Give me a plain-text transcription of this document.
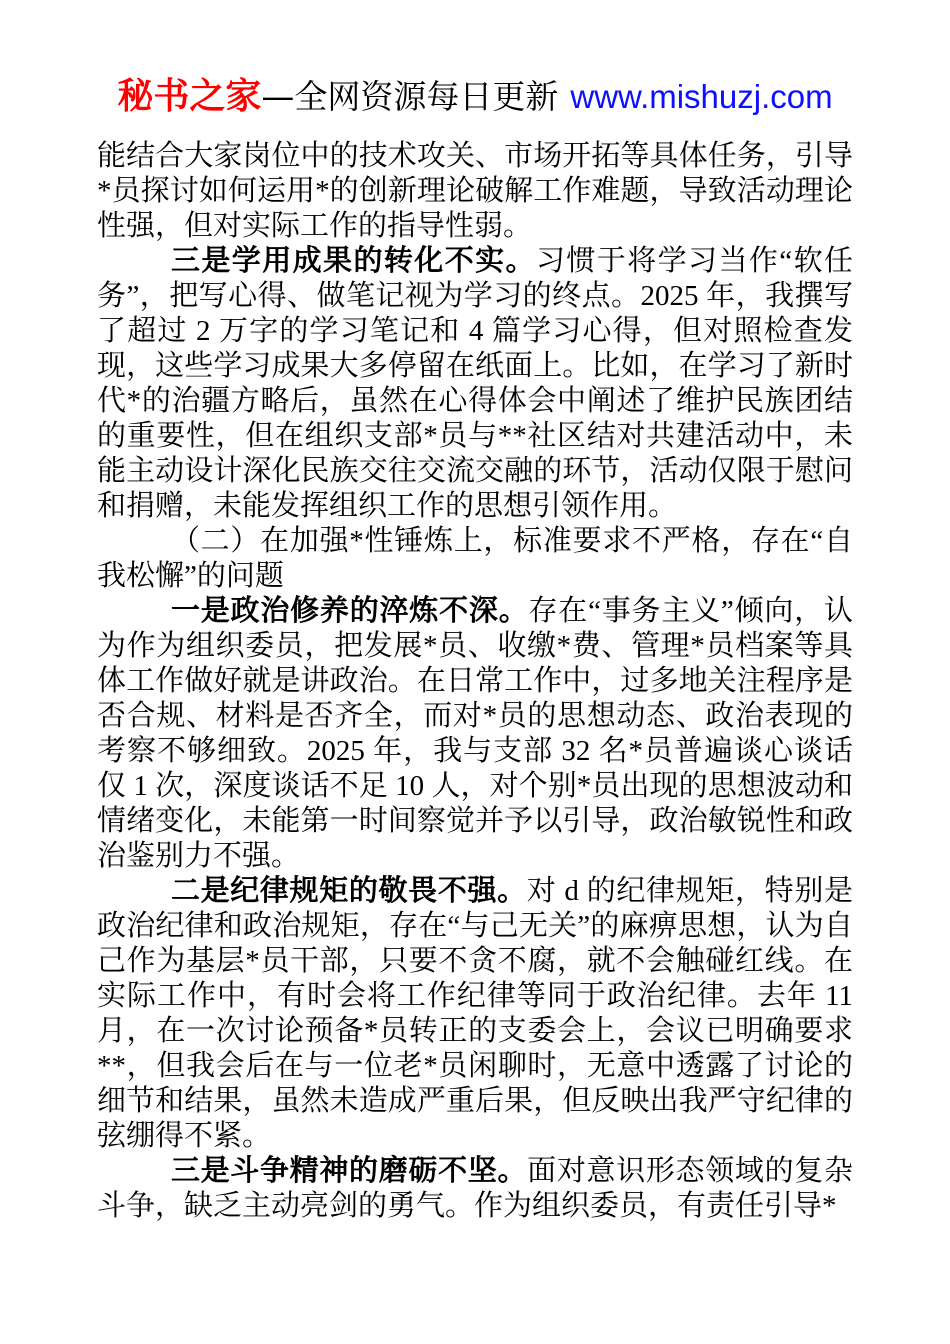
秘书之家—全网资源每日更新 www.mishuzj.com

能结合大家岗位中的技术攻关、市场开拓等具体任务，引导*员探讨如何运用*的创新理论破解工作难题，导致活动理论性强，但对实际工作的指导性弱。

三是学用成果的转化不实。习惯于将学习当作“软任务”，把写心得、做笔记视为学习的终点。2025 年，我撰写了超过 2 万字的学习笔记和 4 篇学习心得，但对照检查发现，这些学习成果大多停留在纸面上。比如，在学习了新时代*的治疆方略后，虽然在心得体会中阐述了维护民族团结的重要性，但在组织支部*员与**社区结对共建活动中，未能主动设计深化民族交往交流交融的环节，活动仅限于慰问和捐赠，未能发挥组织工作的思想引领作用。

（二）在加强*性锤炼上，标准要求不严格，存在“自我松懈”的问题

一是政治修养的淬炼不深。存在“事务主义”倾向，认为作为组织委员，把发展*员、收缴*费、管理*员档案等具体工作做好就是讲政治。在日常工作中，过多地关注程序是否合规、材料是否齐全，而对*员的思想动态、政治表现的考察不够细致。2025 年，我与支部 32 名*员普遍谈心谈话仅 1 次，深度谈话不足 10 人，对个别*员出现的思想波动和情绪变化，未能第一时间察觉并予以引导，政治敏锐性和政治鉴别力不强。

二是纪律规矩的敬畏不强。对 d 的纪律规矩，特别是政治纪律和政治规矩，存在“与己无关”的麻痹思想，认为自己作为基层*员干部，只要不贪不腐，就不会触碰红线。在实际工作中，有时会将工作纪律等同于政治纪律。去年 11 月，在一次讨论预备*员转正的支委会上，会议已明确要求**，但我会后在与一位老*员闲聊时，无意中透露了讨论的细节和结果，虽然未造成严重后果，但反映出我严守纪律的弦绷得不紧。

三是斗争精神的磨砺不坚。面对意识形态领域的复杂斗争，缺乏主动亮剑的勇气。作为组织委员，有责任引导*
